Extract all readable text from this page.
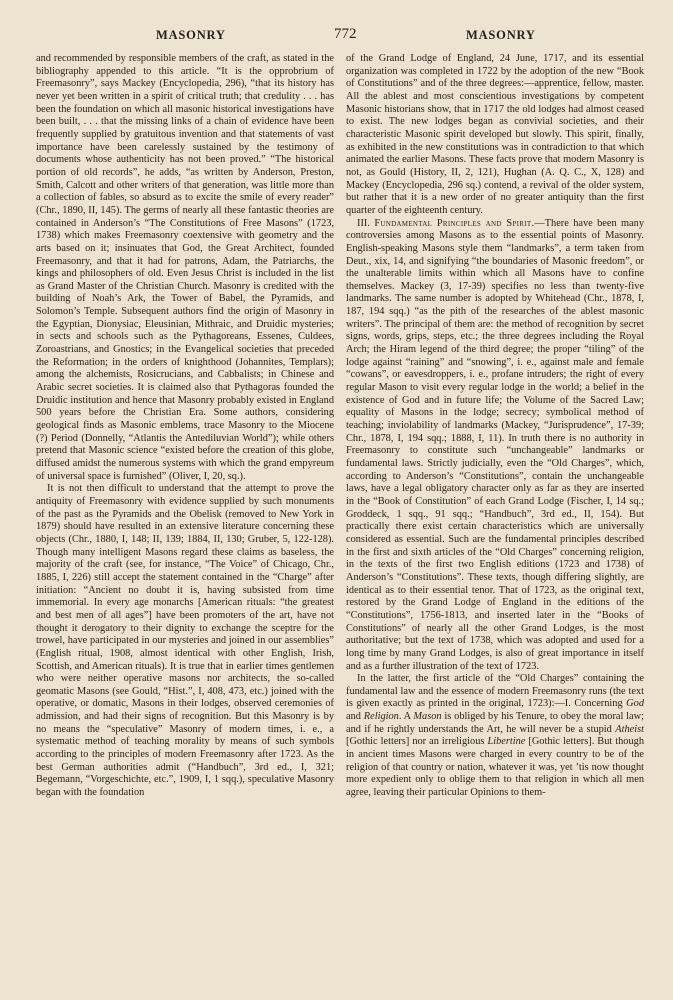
MASONRY	772	MASONRY

and recommended by responsible members of the craft, as stated in the bibliography appended to this article. “It is the opprobrium of Freemasonry”, says Mackey (Encyclopedia, 296), “that its history has never yet been written in a spirit of critical truth; that credulity . . . has been the foundation on which all masonic historical investigations have been built, . . . that the missing links of a chain of evidence have been frequently supplied by gratuitous invention and that statements of vast importance have been carelessly sustained by the testimony of documents whose authenticity has not been proved.” “The historical portion of old records”, he adds, “as written by Anderson, Preston, Smith, Calcott and other writers of that generation, was little more than a collection of fables, so absurd as to excite the smile of every reader” (Chr., 1890, II, 145). The germs of nearly all these fantastic theories are contained in Anderson’s “The Constitutions of Free Masons” (1723, 1738) which makes Freemasonry coextensive with geometry and the arts based on it; insinuates that God, the Great Architect, founded Freemasonry, and that it had for patrons, Adam, the Patriarchs, the kings and philosophers of old. Even Jesus Christ is included in the list as Grand Master of the Christian Church. Masonry is credited with the building of Noah’s Ark, the Tower of Babel, the Pyramids, and Solomon’s Temple. Subsequent authors find the origin of Masonry in the Egyptian, Dionysiac, Eleusinian, Mithraic, and Druidic mysteries; in sects and schools such as the Pythagoreans, Essenes, Culdees, Zoroastrians, and Gnostics; in the Evangelical societies that preceded the Reformation; in the orders of knighthood (Johannites, Templars); among the alchemists, Rosicrucians, and Cabbalists; in Chinese and Arabic secret societies. It is claimed also that Pythagoras founded the Druidic institution and hence that Masonry probably existed in England 500 years before the Christian Era. Some authors, considering geological finds as Masonic emblems, trace Masonry to the Miocene (?) Period (Donnelly, “Atlantis the Antediluvian World”); while others pretend that Masonic science “existed before the creation of this globe, diffused amidst the numerous systems with which the grand empyreum of universal space is furnished” (Oliver, I, 20, sq.).

It is not then difficult to understand that the attempt to prove the antiquity of Freemasonry with evidence supplied by such monuments of the past as the Pyramids and the Obelisk (removed to New York in 1879) should have resulted in an extensive literature concerning these objects (Chr., 1880, I, 148; II, 139; 1884, II, 130; Gruber, 5, 122-128). Though many intelligent Masons regard these claims as baseless, the majority of the craft (see, for instance, “The Voice” of Chicago, Chr., 1885, I, 226) still accept the statement contained in the “Charge” after initiation: “Ancient no doubt it is, having subsisted from time immemorial. In every age monarchs [American rituals: “the greatest and best men of all ages”] have been promoters of the art, have not thought it derogatory to their dignity to exchange the sceptre for the trowel, have participated in our mysteries and joined in our assemblies” (English ritual, 1908, almost identical with other English, Irish, Scottish, and American rituals). It is true that in earlier times gentlemen who were neither operative masons nor architects, the so-called geomatic Masons (see Gould, “Hist.”, I, 408, 473, etc.) joined with the operative, or domatic, Masons in their lodges, observed ceremonies of admission, and had their signs of recognition. But this Masonry is by no means the “speculative” Masonry of modern times, i. e., a systematic method of teaching morality by means of such symbols according to the principles of modern Freemasonry after 1723. As the best German authorities admit (“Handbuch”, 3rd ed., I, 321; Begemann, “Vorgeschichte, etc.”, 1909, I, 1 sqq.), speculative Masonry began with the foundation

of the Grand Lodge of England, 24 June, 1717, and its essential organization was completed in 1722 by the adoption of the new “Book of Constitutions” and of the three degrees:—apprentice, fellow, master. All the ablest and most conscientious investigations by competent Masonic historians show, that in 1717 the old lodges had almost ceased to exist. The new lodges began as convivial societies, and their characteristic Masonic spirit developed but slowly. This spirit, finally, as exhibited in the new constitutions was in contradiction to that which animated the earlier Masons. These facts prove that modern Masonry is not, as Gould (History, II, 2, 121), Hughan (A. Q. C., X, 128) and Mackey (Encyclopedia, 296 sq.) contend, a revival of the older system, but rather that it is a new order of no greater antiquity than the first quarter of the eighteenth century.

III. Fundamental Principles and Spirit.—There have been many controversies among Masons as to the essential points of Masonry. English-speaking Masons style them “landmarks”, a term taken from Deut., xix, 14, and signifying “the boundaries of Masonic freedom”, or the unalterable limits within which all Masons have to confine themselves. Mackey (3, 17-39) specifies no less than twenty-five landmarks. The same number is adopted by Whitehead (Chr., 1878, I, 187, 194 sqq.) “as the pith of the researches of the ablest masonic writers”. The principal of them are: the method of recognition by secret signs, words, grips, steps, etc.; the three degrees including the Royal Arch; the Hiram legend of the third degree; the proper “tiling” of the lodge against “raining” and “snowing”, i. e., against male and female “cowans”, or eavesdroppers, i. e., profane intruders; the right of every regular Mason to visit every regular lodge in the world; a belief in the existence of God and in future life; the Volume of the Sacred Law; equality of Masons in the lodge; secrecy; symbolical method of teaching; inviolability of landmarks (Mackey, “Jurisprudence”, 17-39; Chr., 1878, I, 194 sqq.; 1888, I, 11). In truth there is no authority in Freemasonry to constitute such “unchangeable” landmarks or fundamental laws. Strictly judicially, even the “Old Charges”, which, according to Anderson’s “Constitutions”, contain the unchangeable laws, have a legal obligatory character only as far as they are inserted in the “Book of Constitution” of each Grand Lodge (Fischer, I, 14 sq.; Groddeck, 1 sqq., 91 sqq.; “Handbuch”, 3rd ed., II, 154). But practically there exist certain characteristics which are universally considered as essential. Such are the fundamental principles described in the first and sixth articles of the “Old Charges” concerning religion, in the texts of the first two English editions (1723 and 1738) of Anderson’s “Constitutions”. These texts, though differing slightly, are identical as to their essential tenor. That of 1723, as the original text, restored by the Grand Lodge of England in the editions of the “Constitutions”, 1756-1813, and inserted later in the “Books of Constitutions” of nearly all the other Grand Lodges, is the most authoritative; but the text of 1738, which was adopted and used for a long time by many Grand Lodges, is also of great importance in itself and as a further illustration of the text of 1723.

In the latter, the first article of the “Old Charges” containing the fundamental law and the essence of modern Freemasonry runs (the text is given exactly as printed in the original, 1723):—I. Concerning God and Religion. A Mason is obliged by his Tenure, to obey the moral law; and if he rightly understands the Art, he will never be a stupid Atheist [Gothic letters] nor an irreligious Libertine [Gothic letters]. But though in ancient times Masons were charged in every country to be of the religion of that country or nation, whatever it was, yet ’tis now thought more expedient only to oblige them to that religion in which all men agree, leaving their particular Opinions to them-
